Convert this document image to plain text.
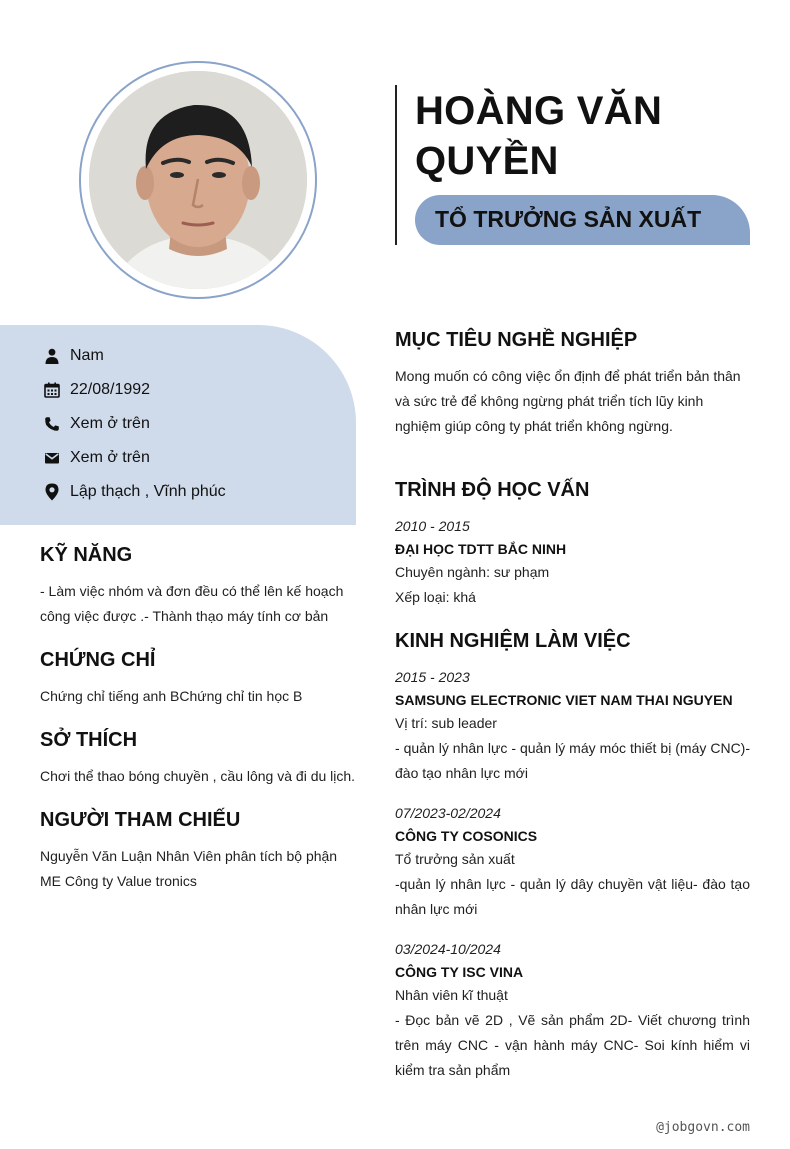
HOÀNG VĂN
QUYỀN
TỔ TRƯỞNG SẢN XUẤT
Nam
22/08/1992
Xem ở trên
Xem ở trên
Lập thạch , Vĩnh phúc
KỸ NĂNG
- Làm việc nhóm và đơn đều có thể lên kế hoạch công việc được .- Thành thạo máy tính cơ bản
CHỨNG CHỈ
Chứng chỉ tiếng anh BChứng chỉ tin học B
SỞ THÍCH
Chơi thể thao bóng chuyền , cầu lông và đi du lịch.
NGƯỜI THAM CHIẾU
Nguyễn Văn Luận Nhân Viên phân tích bộ phận ME Công ty Value tronics
MỤC TIÊU NGHỀ NGHIỆP
Mong muốn có công việc ổn định để phát triển bản thân và sức trẻ để không ngừng phát triển tích lũy kinh nghiệm giúp công ty phát triển không ngừng.
TRÌNH ĐỘ HỌC VẤN
2010 - 2015
ĐẠI HỌC TDTT BẮC NINH
Chuyên ngành: sư phạm
Xếp loại: khá
KINH NGHIỆM LÀM VIỆC
2015 - 2023
SAMSUNG ELECTRONIC VIET NAM THAI NGUYEN
Vị trí: sub leader
- quản lý nhân lực - quản lý máy móc thiết bị (máy CNC)- đào tạo nhân lực mới
07/2023-02/2024
CÔNG TY COSONICS
Tổ trưởng sản xuất
-quản lý nhân lực - quản lý dây chuyền vật liệu- đào tạo nhân lực mới
03/2024-10/2024
CÔNG TY ISC VINA
Nhân viên kĩ thuật
- Đọc bản vẽ 2D , Vẽ sản phẩm 2D- Viết chương trình trên máy CNC - vận hành máy CNC- Soi kính hiểm vi kiểm tra sản phẩm
@jobgovn.com
